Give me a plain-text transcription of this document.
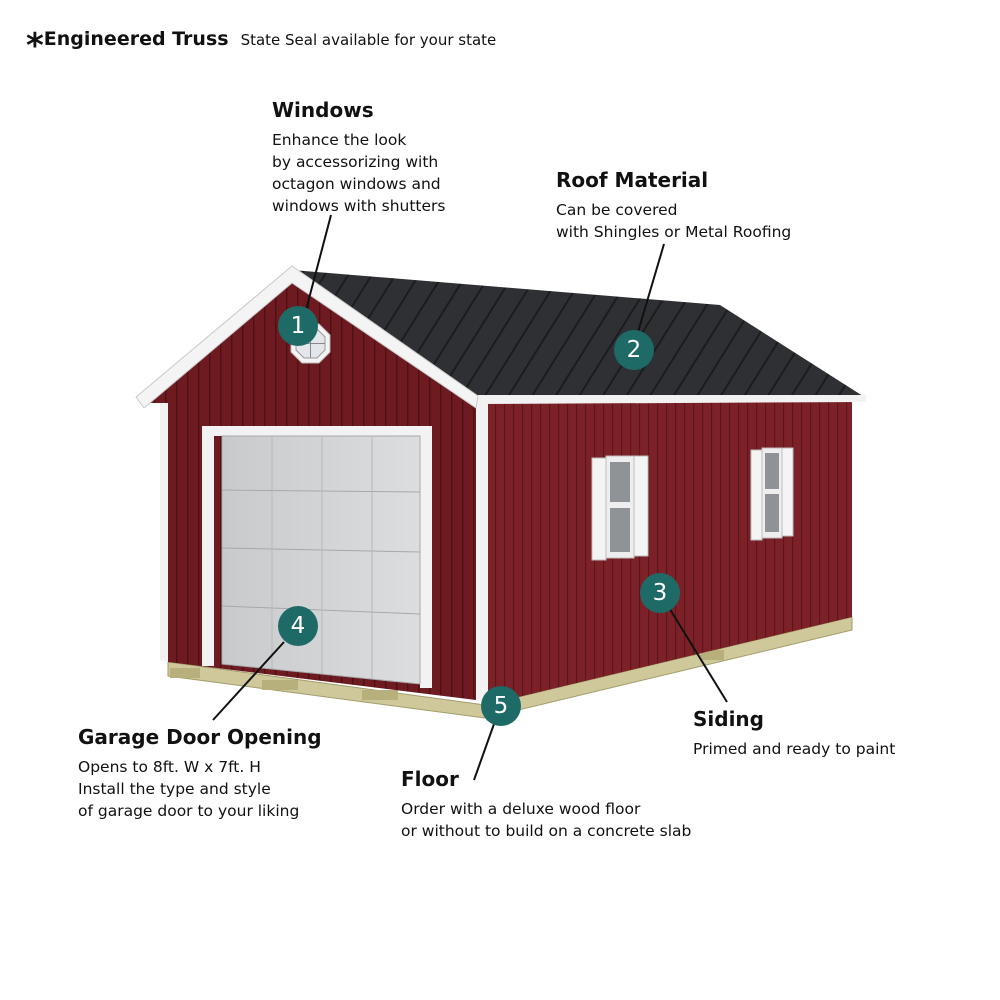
*Engineered Truss State Seal available for your state
1
2
3
4
5
Windows

Enhance the look

by accessorizing with

octagon windows and

windows with shutters

Roof Material

Can be covered

with Shingles or Metal Roofing

Siding

Primed and ready to paint

Garage Door Opening

Opens to 8ft. W x 7ft. H

Install the type and style

of garage door to your liking

Floor

Order with a deluxe wood floor

or without to build on a concrete slab
